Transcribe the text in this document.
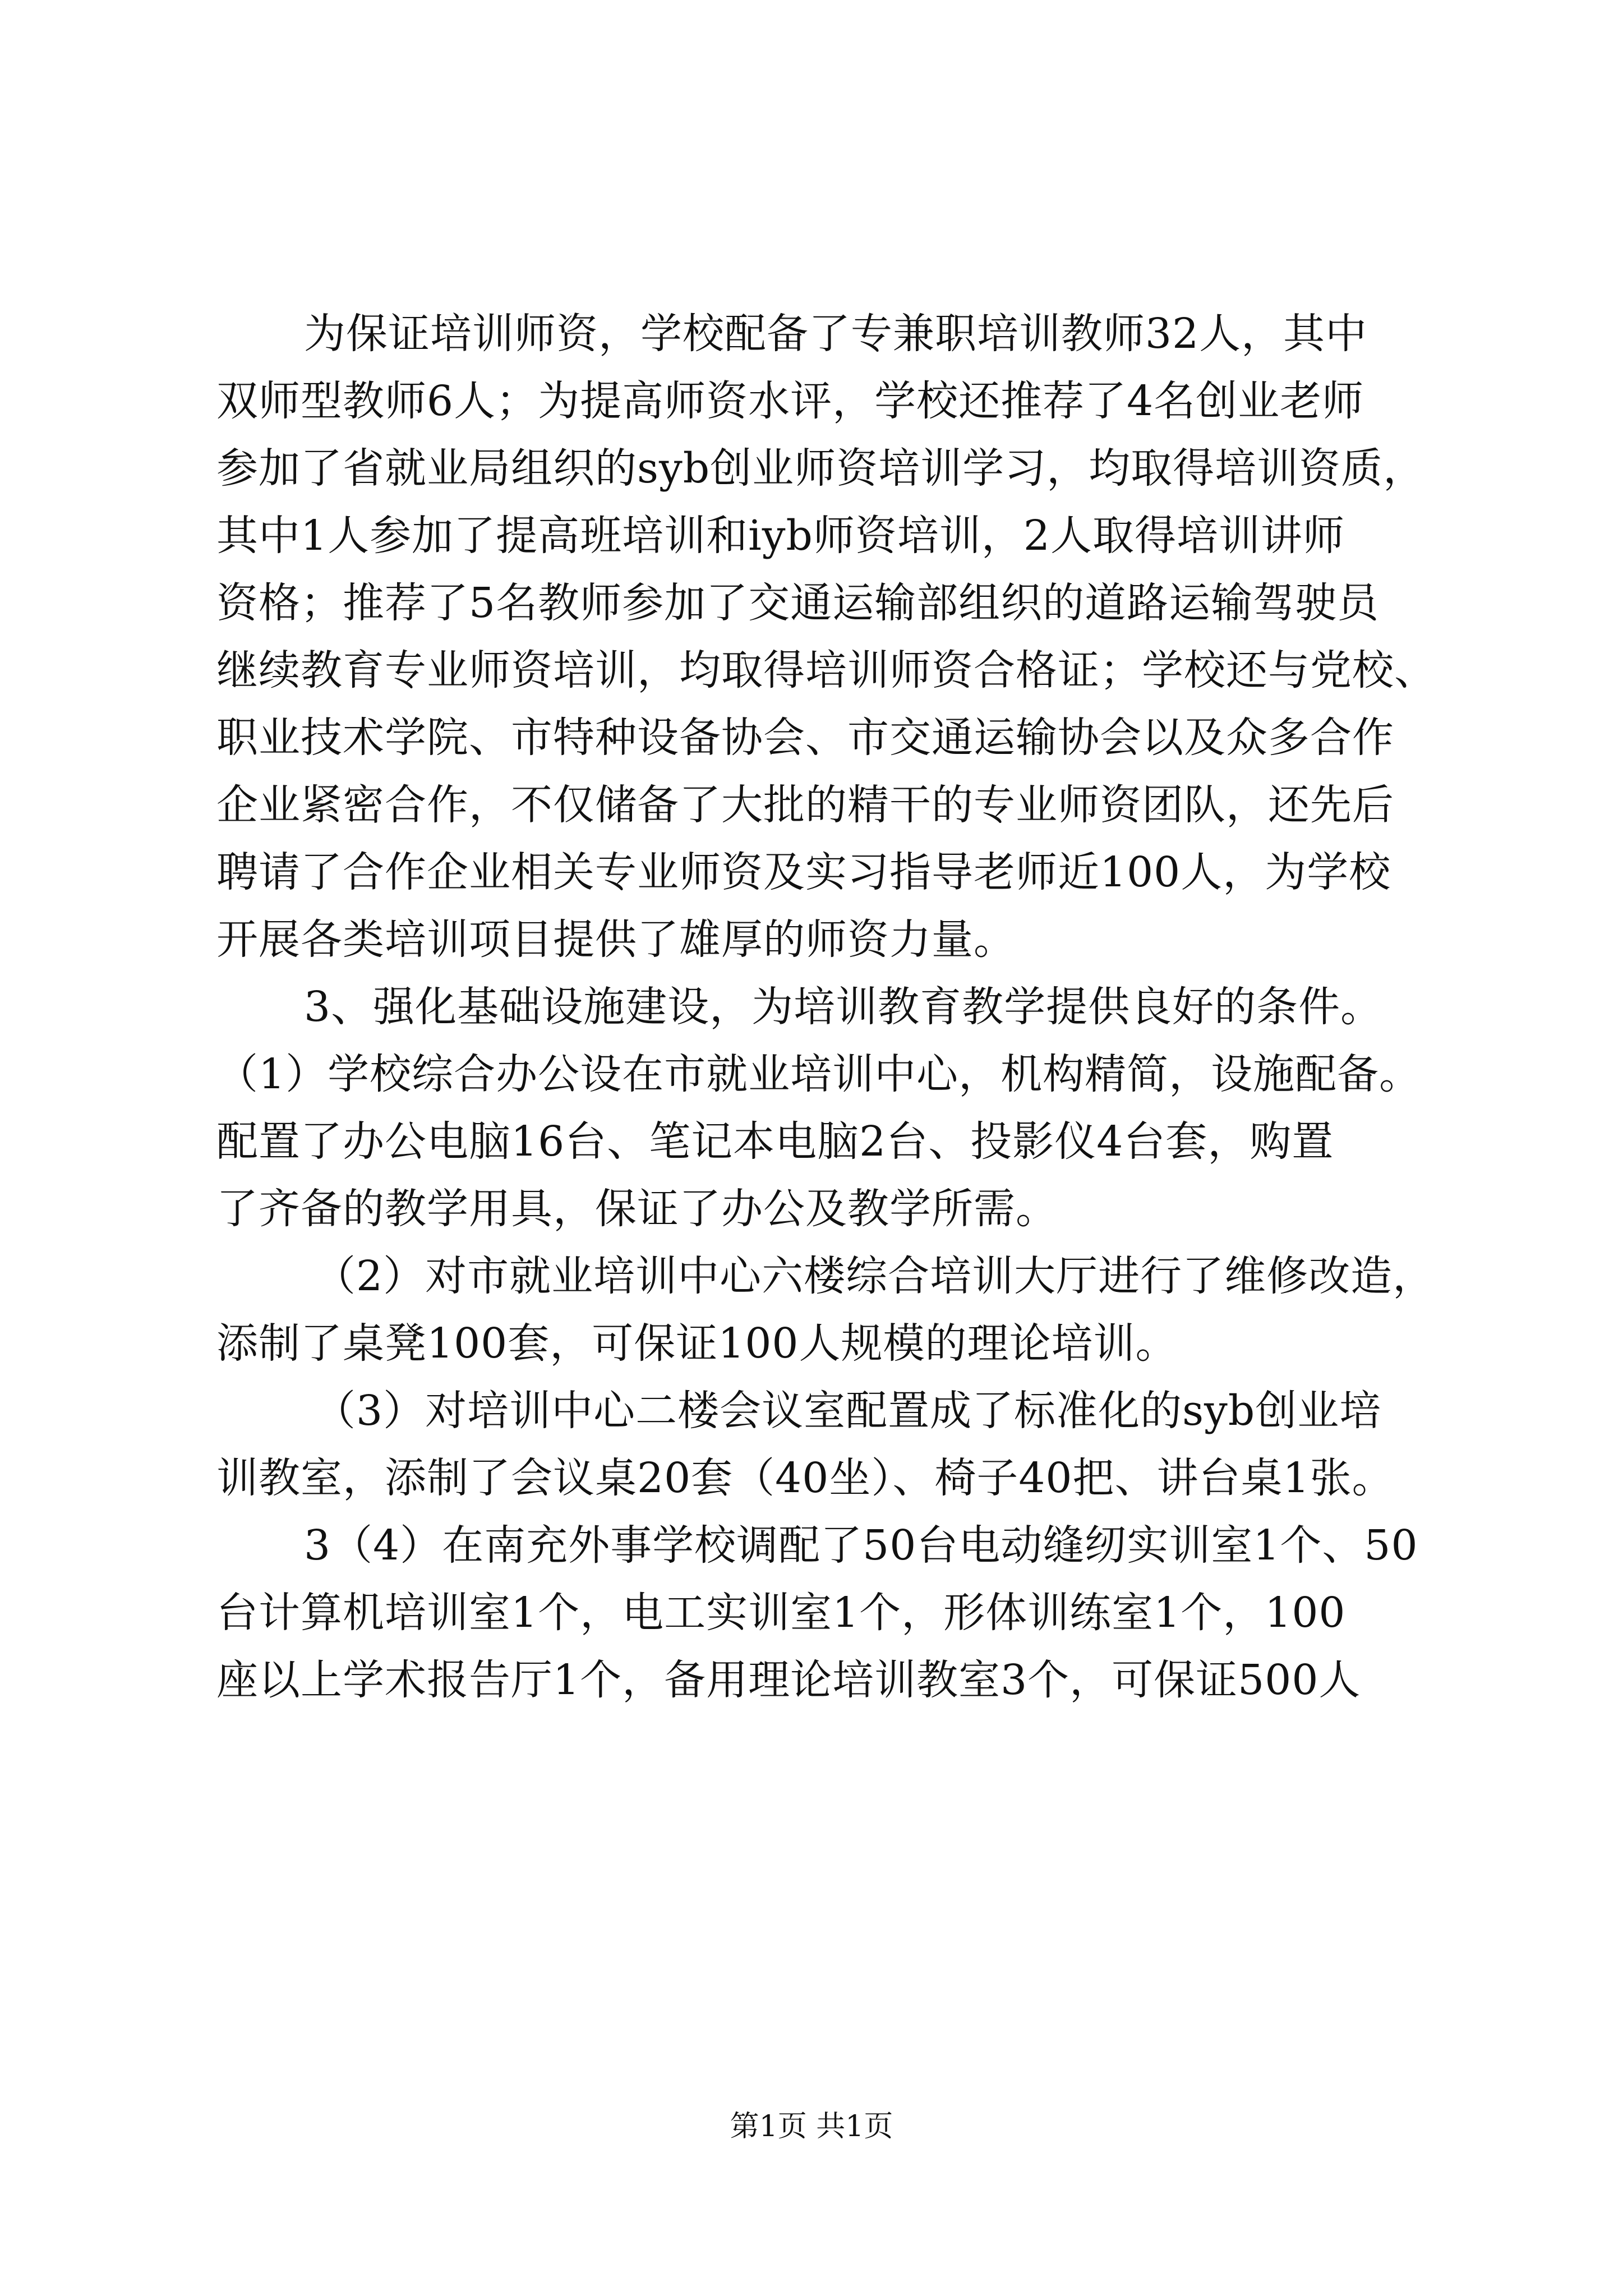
为保证培训师资，学校配备了专兼职培训教师32人，其中

双师型教师6人；为提高师资水评，学校还推荐了4名创业老师

参加了省就业局组织的syb创业师资培训学习，均取得培训资质，

其中1人参加了提高班培训和iyb师资培训，2人取得培训讲师

资格；推荐了5名教师参加了交通运输部组织的道路运输驾驶员

继续教育专业师资培训，均取得培训师资合格证；学校还与党校、

职业技术学院、市特种设备协会、市交通运输协会以及众多合作

企业紧密合作，不仅储备了大批的精干的专业师资团队，还先后

聘请了合作企业相关专业师资及实习指导老师近100人，为学校

开展各类培训项目提供了雄厚的师资力量。

3、强化基础设施建设，为培训教育教学提供良好的条件。

（1）学校综合办公设在市就业培训中心，机构精简，设施配备。

配置了办公电脑16台、笔记本电脑2台、投影仪4台套，购置

了齐备的教学用具，保证了办公及教学所需。

（2）对市就业培训中心六楼综合培训大厅进行了维修改造，

添制了桌凳100套，可保证100人规模的理论培训。

（3）对培训中心二楼会议室配置成了标准化的syb创业培

训教室，添制了会议桌20套（40坐）、椅子40把、讲台桌1张。

3（4）在南充外事学校调配了50台电动缝纫实训室1个、50

台计算机培训室1个，电工实训室1个，形体训练室1个，100

座以上学术报告厅1个，备用理论培训教室3个，可保证500人

第1页 共1页
